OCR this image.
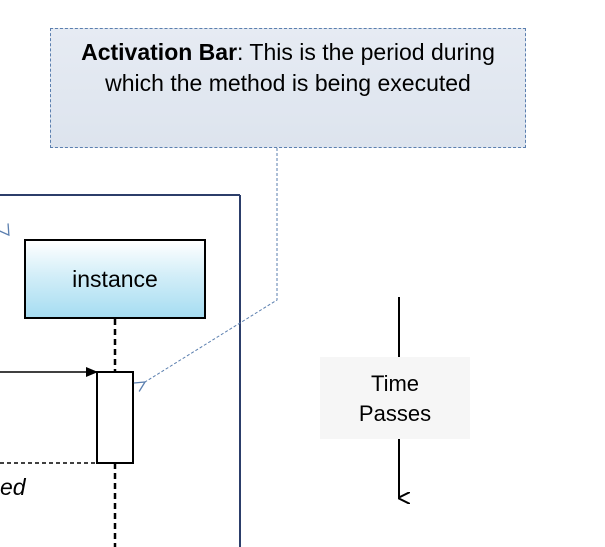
Activation Bar: This is the period during which the method is being executed
instance
Time
Passes
ed
